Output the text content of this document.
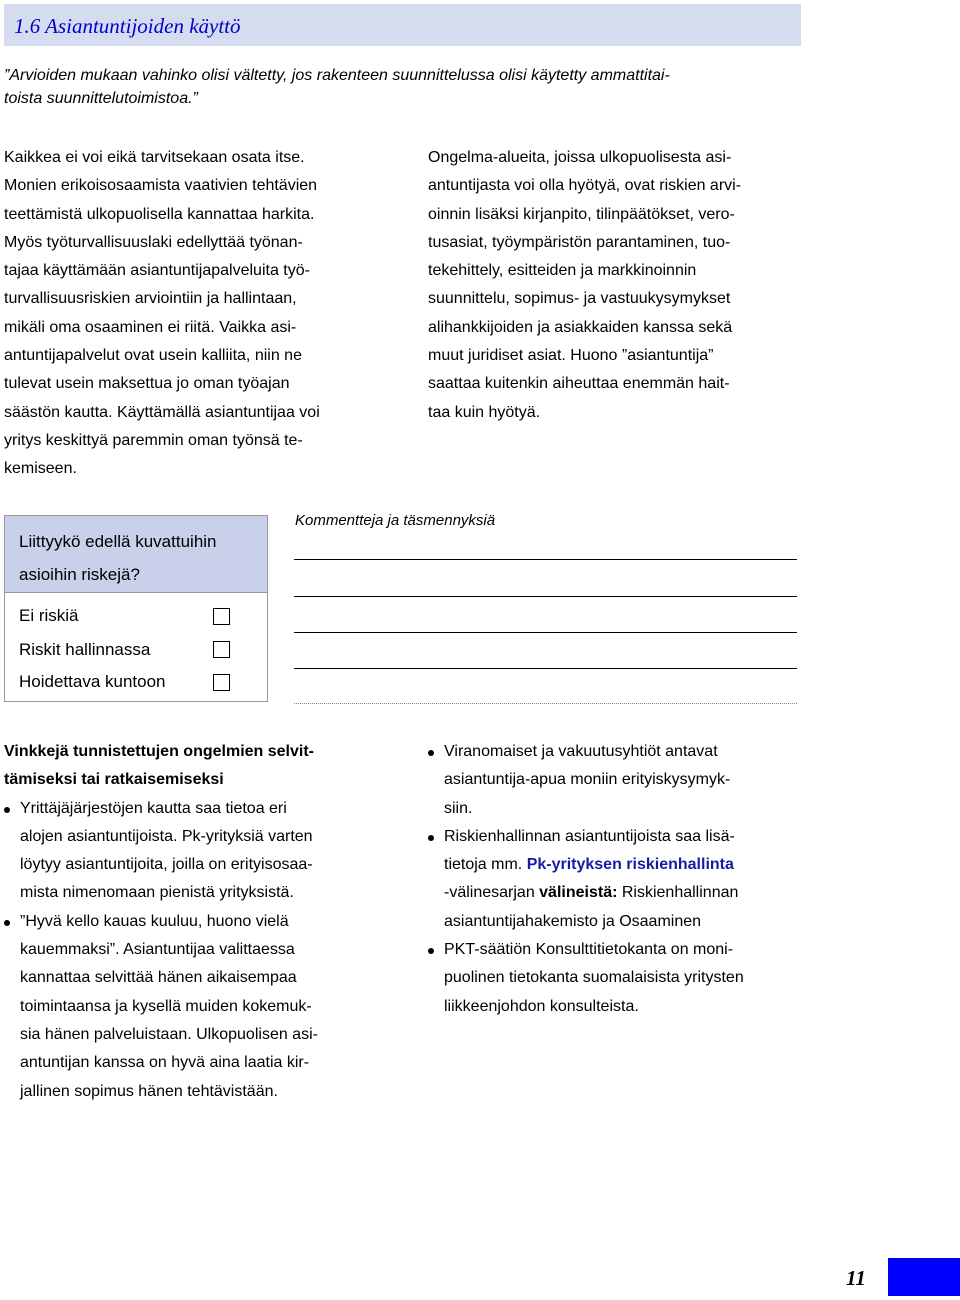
1.6 Asiantuntijoiden käyttö
”Arvioiden mukaan vahinko olisi vältetty, jos rakenteen suunnittelussa olisi käytetty ammattitai-
toista suunnittelutoimistoa.”
Kaikkea ei voi eikä tarvitsekaan osata itse.
Monien erikoisosaamista vaativien tehtävien
teettämistä ulkopuolisella kannattaa harkita.
Myös työturvallisuuslaki edellyttää työnan-
tajaa käyttämään asiantuntijapalveluita työ-
turvallisuusriskien arviointiin ja hallintaan,
mikäli oma osaaminen ei riitä. Vaikka asi-
antuntijapalvelut ovat usein kalliita, niin ne
tulevat usein maksettua jo oman työajan
säästön kautta. Käyttämällä asiantuntijaa voi
yritys keskittyä paremmin oman työnsä te-
kemiseen.
Ongelma-alueita, joissa ulkopuolisesta asi-
antuntijasta voi olla hyötyä, ovat riskien arvi-
oinnin lisäksi kirjanpito, tilinpäätökset, vero-
tusasiat, työympäristön parantaminen, tuo-
tekehittely, esitteiden ja markkinoinnin
suunnittelu, sopimus- ja vastuukysymykset
alihankkijoiden ja asiakkaiden kanssa sekä
muut juridiset asiat. Huono ”asiantuntija”
saattaa kuitenkin aiheuttaa enemmän hait-
taa kuin hyötyä.
Liittyykö edellä kuvattuihin
asioihin riskejä?
Ei riskiä
Riskit hallinnassa
Hoidettava kuntoon
Kommentteja ja täsmennyksiä
Vinkkejä tunnistettujen ongelmien selvit-
tämiseksi tai ratkaisemiseksi
Yrittäjäjärjestöjen kautta saa tietoa eri
alojen asiantuntijoista. Pk-yrityksiä varten
löytyy asiantuntijoita, joilla on erityisosaa-
mista nimenomaan pienistä yrityksistä.
”Hyvä kello kauas kuuluu, huono vielä
kauemmaksi”. Asiantuntijaa valittaessa
kannattaa selvittää hänen aikaisempaa
toimintaansa ja kysellä muiden kokemuk-
sia hänen palveluistaan. Ulkopuolisen asi-
antuntijan kanssa on hyvä aina laatia kir-
jallinen sopimus hänen tehtävistään.
Viranomaiset ja vakuutusyhtiöt antavat
asiantuntija-apua moniin erityiskysymyk-
siin.
Riskienhallinnan asiantuntijoista saa lisä-
tietoja mm. Pk-yrityksen riskienhallinta
-välinesarjan välineistä: Riskienhallinnan
asiantuntijahakemisto ja Osaaminen
PKT-säätiön Konsulttitietokanta on moni-
puolinen tietokanta suomalaisista yritysten
liikkeenjohdon konsulteista.
11
